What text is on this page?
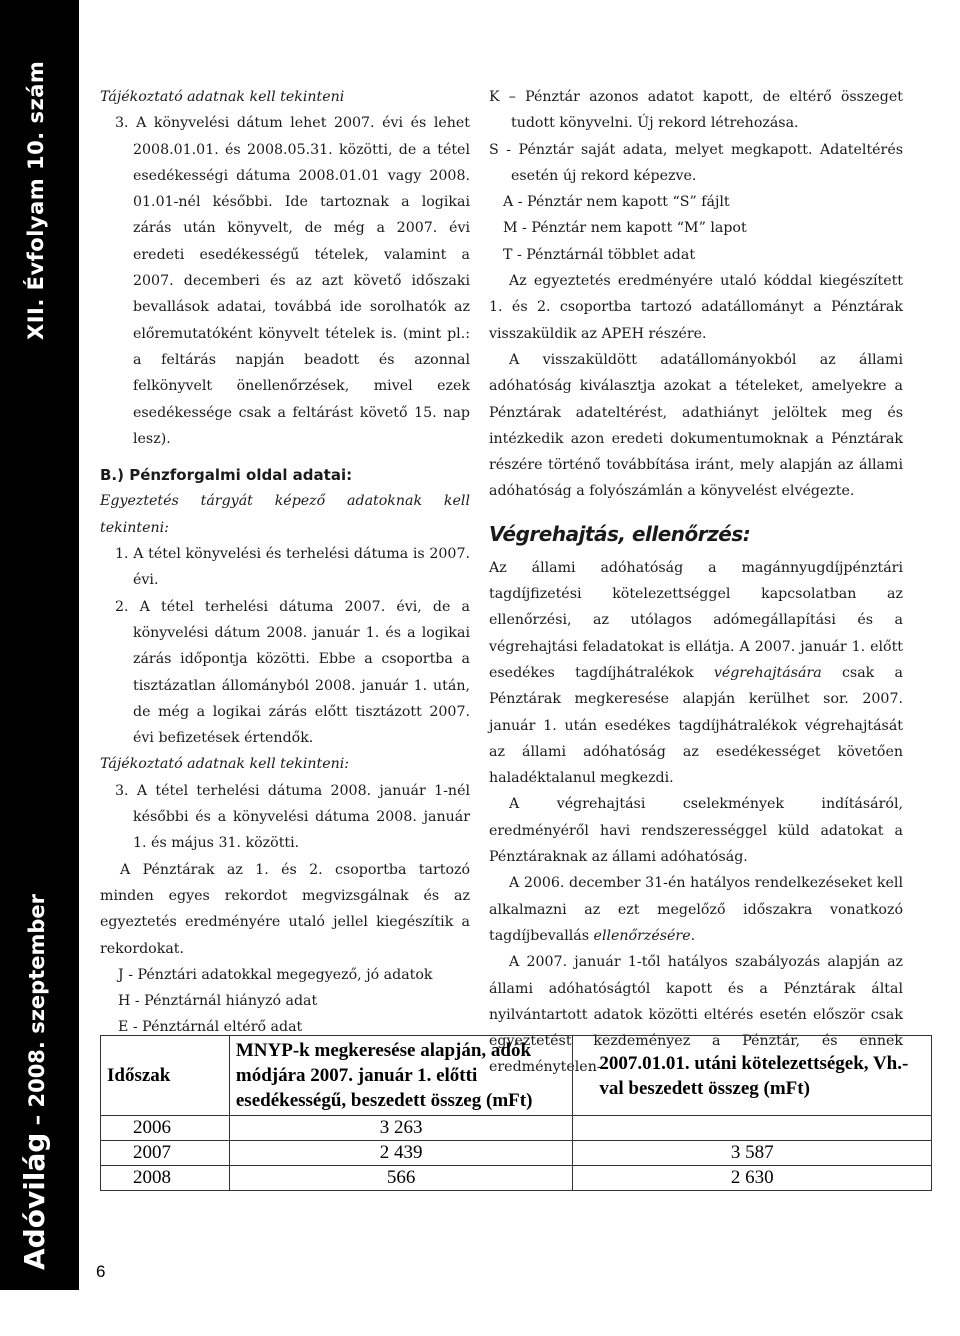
XII. Évfolyam 10. szám
Adóvilág – 2008. szeptember
6

Tájékoztató adatnak kell tekinteni

3. A könyvelési dátum lehet 2007. évi és lehet 2008.01.01. és 2008.05.31. közötti, de a tétel esedékességi dátuma 2008.01.01 vagy 2008. 01.01-nél későbbi. Ide tartoznak a logikai zárás után könyvelt, de még a 2007. évi eredeti esedékességű tételek, valamint a 2007. decemberi és az azt követő időszaki bevallások adatai, továbbá ide sorolhatók az előremutatóként könyvelt tételek is. (mint pl.: a feltárás napján beadott és azonnal felkönyvelt önellenőrzések, mivel ezek esedékessége csak a feltárást követő 15. nap lesz).

B.) Pénzforgalmi oldal adatai:

Egyeztetés tárgyát képező adatoknak kell tekinteni:

1. A tétel könyvelési és terhelési dátuma is 2007. évi.

2. A tétel terhelési dátuma 2007. évi, de a könyvelési dátum 2008. január 1. és a logikai zárás időpontja közötti. Ebbe a csoportba a tisztázatlan állományból 2008. január 1. után, de még a logikai zárás előtt tisztázott 2007. évi befizetések értendők.

Tájékoztató adatnak kell tekinteni:

3. A tétel terhelési dátuma 2008. január 1-nél későbbi és a könyvelési dátuma 2008. január 1. és május 31. közötti.

A Pénztárak az 1. és 2. csoportba tartozó minden egyes rekordot megvizsgálnak és az egyeztetés eredményére utaló jellel kiegészítik a rekordokat.

J - Pénztári adatokkal megegyező, jó adatok

H - Pénztárnál hiányzó adat

E - Pénztárnál eltérő adat

K – Pénztár azonos adatot kapott, de eltérő összeget tudott könyvelni. Új rekord létrehozása.

S - Pénztár saját adata, melyet megkapott. Adateltérés esetén új rekord képezve.

A - Pénztár nem kapott “S” fájlt

M - Pénztár nem kapott “M” lapot

T - Pénztárnál többlet adat

Az egyeztetés eredményére utaló kóddal kiegészített 1. és 2. csoportba tartozó adatállományt a Pénztárak visszaküldik az APEH részére.

A visszaküldött adatállományokból az állami adóhatóság kiválasztja azokat a tételeket, amelyekre a Pénztárak adateltérést, adathiányt jelöltek meg és intézkedik azon eredeti dokumentumoknak a Pénztárak részére történő továbbítása iránt, mely alapján az állami adóhatóság a folyószámlán a könyvelést elvégezte.

Végrehajtás, ellenőrzés:

Az állami adóhatóság a magánnyugdíjpénztári tagdíjfizetési kötelezettséggel kapcsolatban az ellenőrzési, az utólagos adómegállapítási és a végrehajtási feladatokat is ellátja. A 2007. január 1. előtt esedékes tagdíjhátralékok végrehajtására csak a Pénztárak megkeresése alapján kerülhet sor. 2007. január 1. után esedékes tagdíjhátralékok végrehajtását az állami adóhatóság az esedékességet követően haladéktalanul megkezdi.

A végrehajtási cselekmények indításáról, eredményéről havi rendszerességgel küld adatokat a Pénztáraknak az állami adóhatóság.

A 2006. december 31-én hatályos rendelkezéseket kell alkalmazni az ezt megelőző időszakra vonatkozó tagdíjbevallás ellenőrzésére.

A 2007. január 1-től hatályos szabályozás alapján az állami adóhatóságtól kapott és a Pénztárak által nyilvántartott adatok közötti eltérés esetén először csak egyeztetést kezdeményez a Pénztár, és ennek eredménytelen-

Időszak	MNYP-k megkeresése alapján, adók módjára 2007. január 1. előtti esedékességű, beszedett összeg (mFt)	2007.01.01. utáni kötelezettségek, Vh.-val beszedett összeg (mFt)
2006	3 263	
2007	2 439	3 587
2008	566	2 630
